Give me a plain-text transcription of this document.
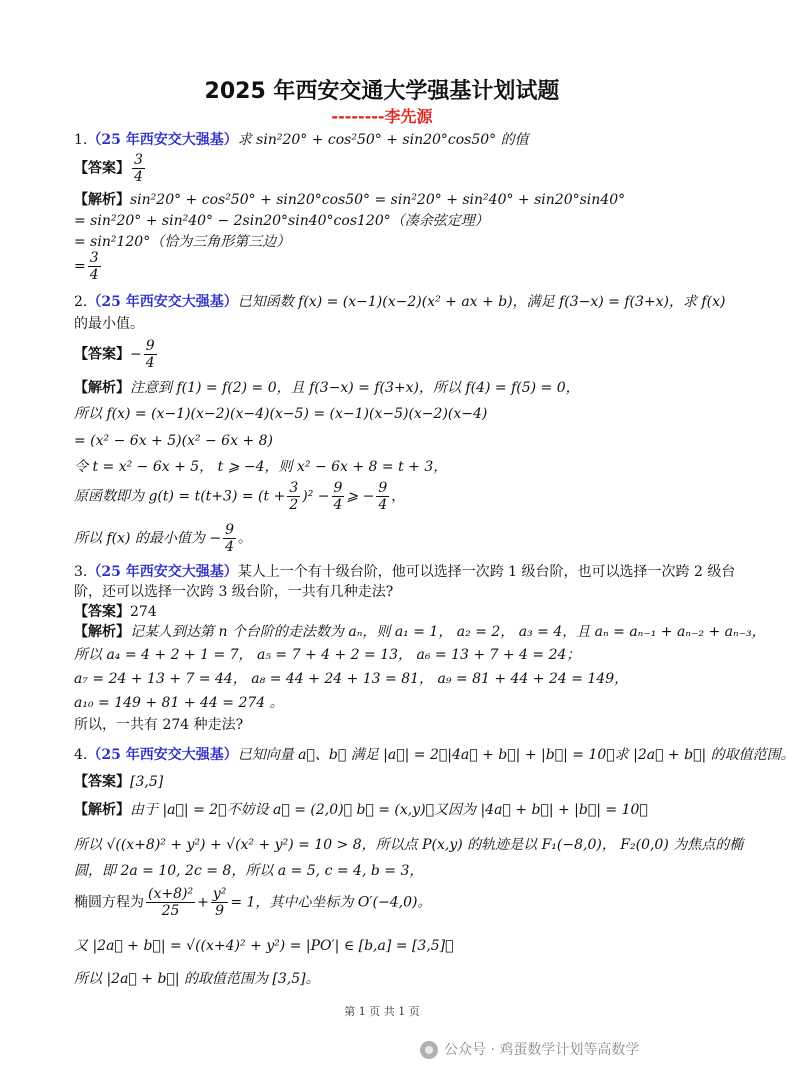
2025 年西安交通大学强基计划试题
--------李先源
1.（25 年西安交大强基）求 sin²20° + cos²50° + sin20°cos50° 的值
【答案】 $\frac{3}{4}$
【解析】sin²20° + cos²50° + sin20°cos50° = sin²20° + sin²40° + sin20°sin40°
= sin²20° + sin²40° − 2sin20°sin40°cos120°（凑余弦定理）
= sin²120°（恰为三角形第三边）
= $\frac{3}{4}$
2.（25 年西安交大强基）已知函数 f(x) = (x−1)(x−2)(x² + ax + b)，满足 f(3−x) = f(3+x)，求 f(x)
的最小值。
【答案】− $\frac{9}{4}$
【解析】注意到 f(1) = f(2) = 0，且 f(3−x) = f(3+x)，所以 f(4) = f(5) = 0，
所以 f(x) = (x−1)(x−2)(x−4)(x−5) = (x−1)(x−5)(x−2)(x−4)
= (x² − 6x + 5)(x² − 6x + 8)
令 t = x² − 6x + 5， t ⩾ −4，则 x² − 6x + 8 = t + 3，
原函数即为 $g(t) = t(t+3) = (t + \frac{3}{2} )^2 - \frac{9}{4}$ ⩾ − $\frac{9}{4}$ ，
所以 f(x) 的最小值为 − $\frac{9}{4}$ 。
3.（25 年西安交大强基）某人上一个有十级台阶，他可以选择一次跨 1 级台阶，也可以选择一次跨 2 级台
阶，还可以选择一次跨 3 级台阶，一共有几种走法?
【答案】274
【解析】记某人到达第 n 个台阶的走法数为 aₙ，则 a₁ = 1， a₂ = 2， a₃ = 4，且 aₙ = aₙ₋₁ + aₙ₋₂ + aₙ₋₃，
所以 a₄ = 4 + 2 + 1 = 7， a₅ = 7 + 4 + 2 = 13， a₆ = 13 + 7 + 4 = 24；
a₇ = 24 + 13 + 7 = 44， a₈ = 44 + 24 + 13 = 81， a₉ = 81 + 44 + 24 = 149，
a₁₀ = 149 + 81 + 44 = 274 。
所以，一共有 274 种走法?
4.（25 年西安交大强基）已知向量 a⃗、b⃗ 满足 |a⃗| = 2，|4a⃗ + b⃗| + |b⃗| = 10，求 |2a⃗ + b⃗| 的取值范围。
【答案】[3,5]
【解析】由于 |a⃗| = 2，不妨设 a⃗ = (2,0)， b⃗ = (x,y)，又因为 |4a⃗ + b⃗| + |b⃗| = 10，
所以 √((x+8)² + y²) + √(x² + y²) = 10 > 8，所以点 P(x,y) 的轨迹是以 F₁(−8,0)， F₂(0,0) 为焦点的椭
圆，即 2a = 10, 2c = 8，所以 a = 5, c = 4, b = 3，
椭圆方程为 $\frac{\text{(x+8)²}}{25} + \frac{\text{y²}}{9} = 1$，其中心坐标为 O′(−4,0)。
又 |2a⃗ + b⃗| = √((x+4)² + y²) = |PO′| ∈ [b,a] = [3,5]，
所以 |2a⃗ + b⃗| 的取值范围为 [3,5]。
第 1 页 共 1 页
公众号 · 鸡蛋数学计划等高数学
